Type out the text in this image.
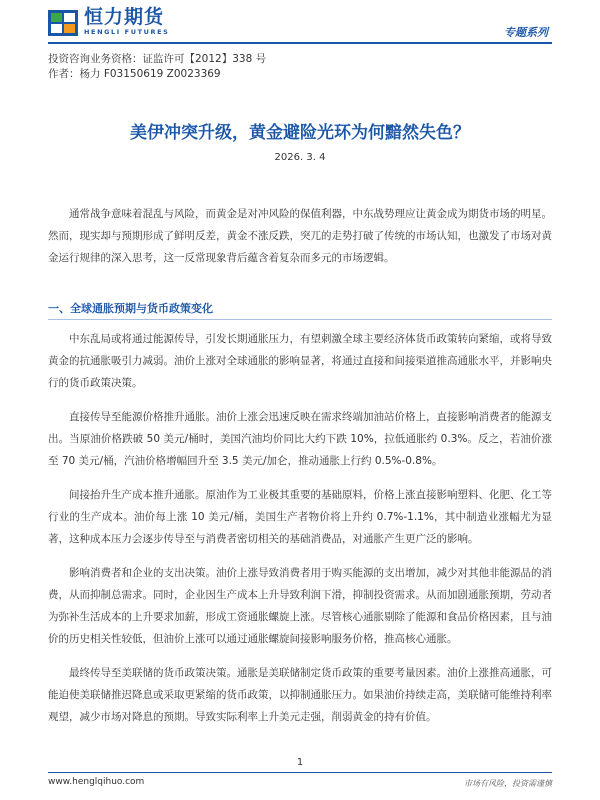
恒力期货
HENGLI FUTURES	专题系列
投资咨询业务资格：证监许可【2012】338 号
作者：杨力 F03150619 Z0023369
美伊冲突升级，黄金避险光环为何黯然失色？
2026. 3. 4

通常战争意味着混乱与风险，而黄金是对冲风险的保值利器，中东战势理应让黄金成为期货市场的明星。然而，现实却与预期形成了鲜明反差，黄金不涨反跌，突兀的走势打破了传统的市场认知，也激发了市场对黄金运行规律的深入思考，这一反常现象背后蕴含着复杂而多元的市场逻辑。

一、全球通胀预期与货币政策变化

中东乱局或将通过能源传导，引发长期通胀压力，有望刺激全球主要经济体货币政策转向紧缩，或将导致黄金的抗通胀吸引力减弱。油价上涨对全球通胀的影响显著，将通过直接和间接渠道推高通胀水平，并影响央行的货币政策决策。

直接传导至能源价格推升通胀。油价上涨会迅速反映在需求终端加油站价格上，直接影响消费者的能源支出。当原油价格跌破 50 美元/桶时，美国汽油均价同比大约下跌 10%，拉低通胀约 0.3%。反之，若油价涨至 70 美元/桶，汽油价格增幅回升至 3.5 美元/加仑，推动通胀上行约 0.5%-0.8%。

间接抬升生产成本推升通胀。原油作为工业极其重要的基础原料，价格上涨直接影响塑料、化肥、化工等行业的生产成本。油价每上涨 10 美元/桶，美国生产者物价将上升约 0.7%-1.1%，其中制造业涨幅尤为显著，这种成本压力会逐步传导至与消费者密切相关的基础消费品，对通胀产生更广泛的影响。

影响消费者和企业的支出决策。油价上涨导致消费者用于购买能源的支出增加，减少对其他非能源品的消费，从而抑制总需求。同时，企业因生产成本上升导致利润下滑，抑制投资需求。从而加剧通胀预期，劳动者为弥补生活成本的上升要求加薪，形成工资通胀螺旋上涨。尽管核心通胀剔除了能源和食品价格因素，且与油价的历史相关性较低，但油价上涨可以通过通胀螺旋间接影响服务价格，推高核心通胀。

最终传导至美联储的货币政策决策。通胀是美联储制定货币政策的重要考量因素。油价上涨推高通胀，可能迫使美联储推迟降息或采取更紧缩的货币政策，以抑制通胀压力。如果油价持续走高，美联储可能维持利率观望，减少市场对降息的预期。导致实际利率上升美元走强，削弱黄金的持有价值。

1
www.henglqihuo.com	市场有风险，投资需谨慎
